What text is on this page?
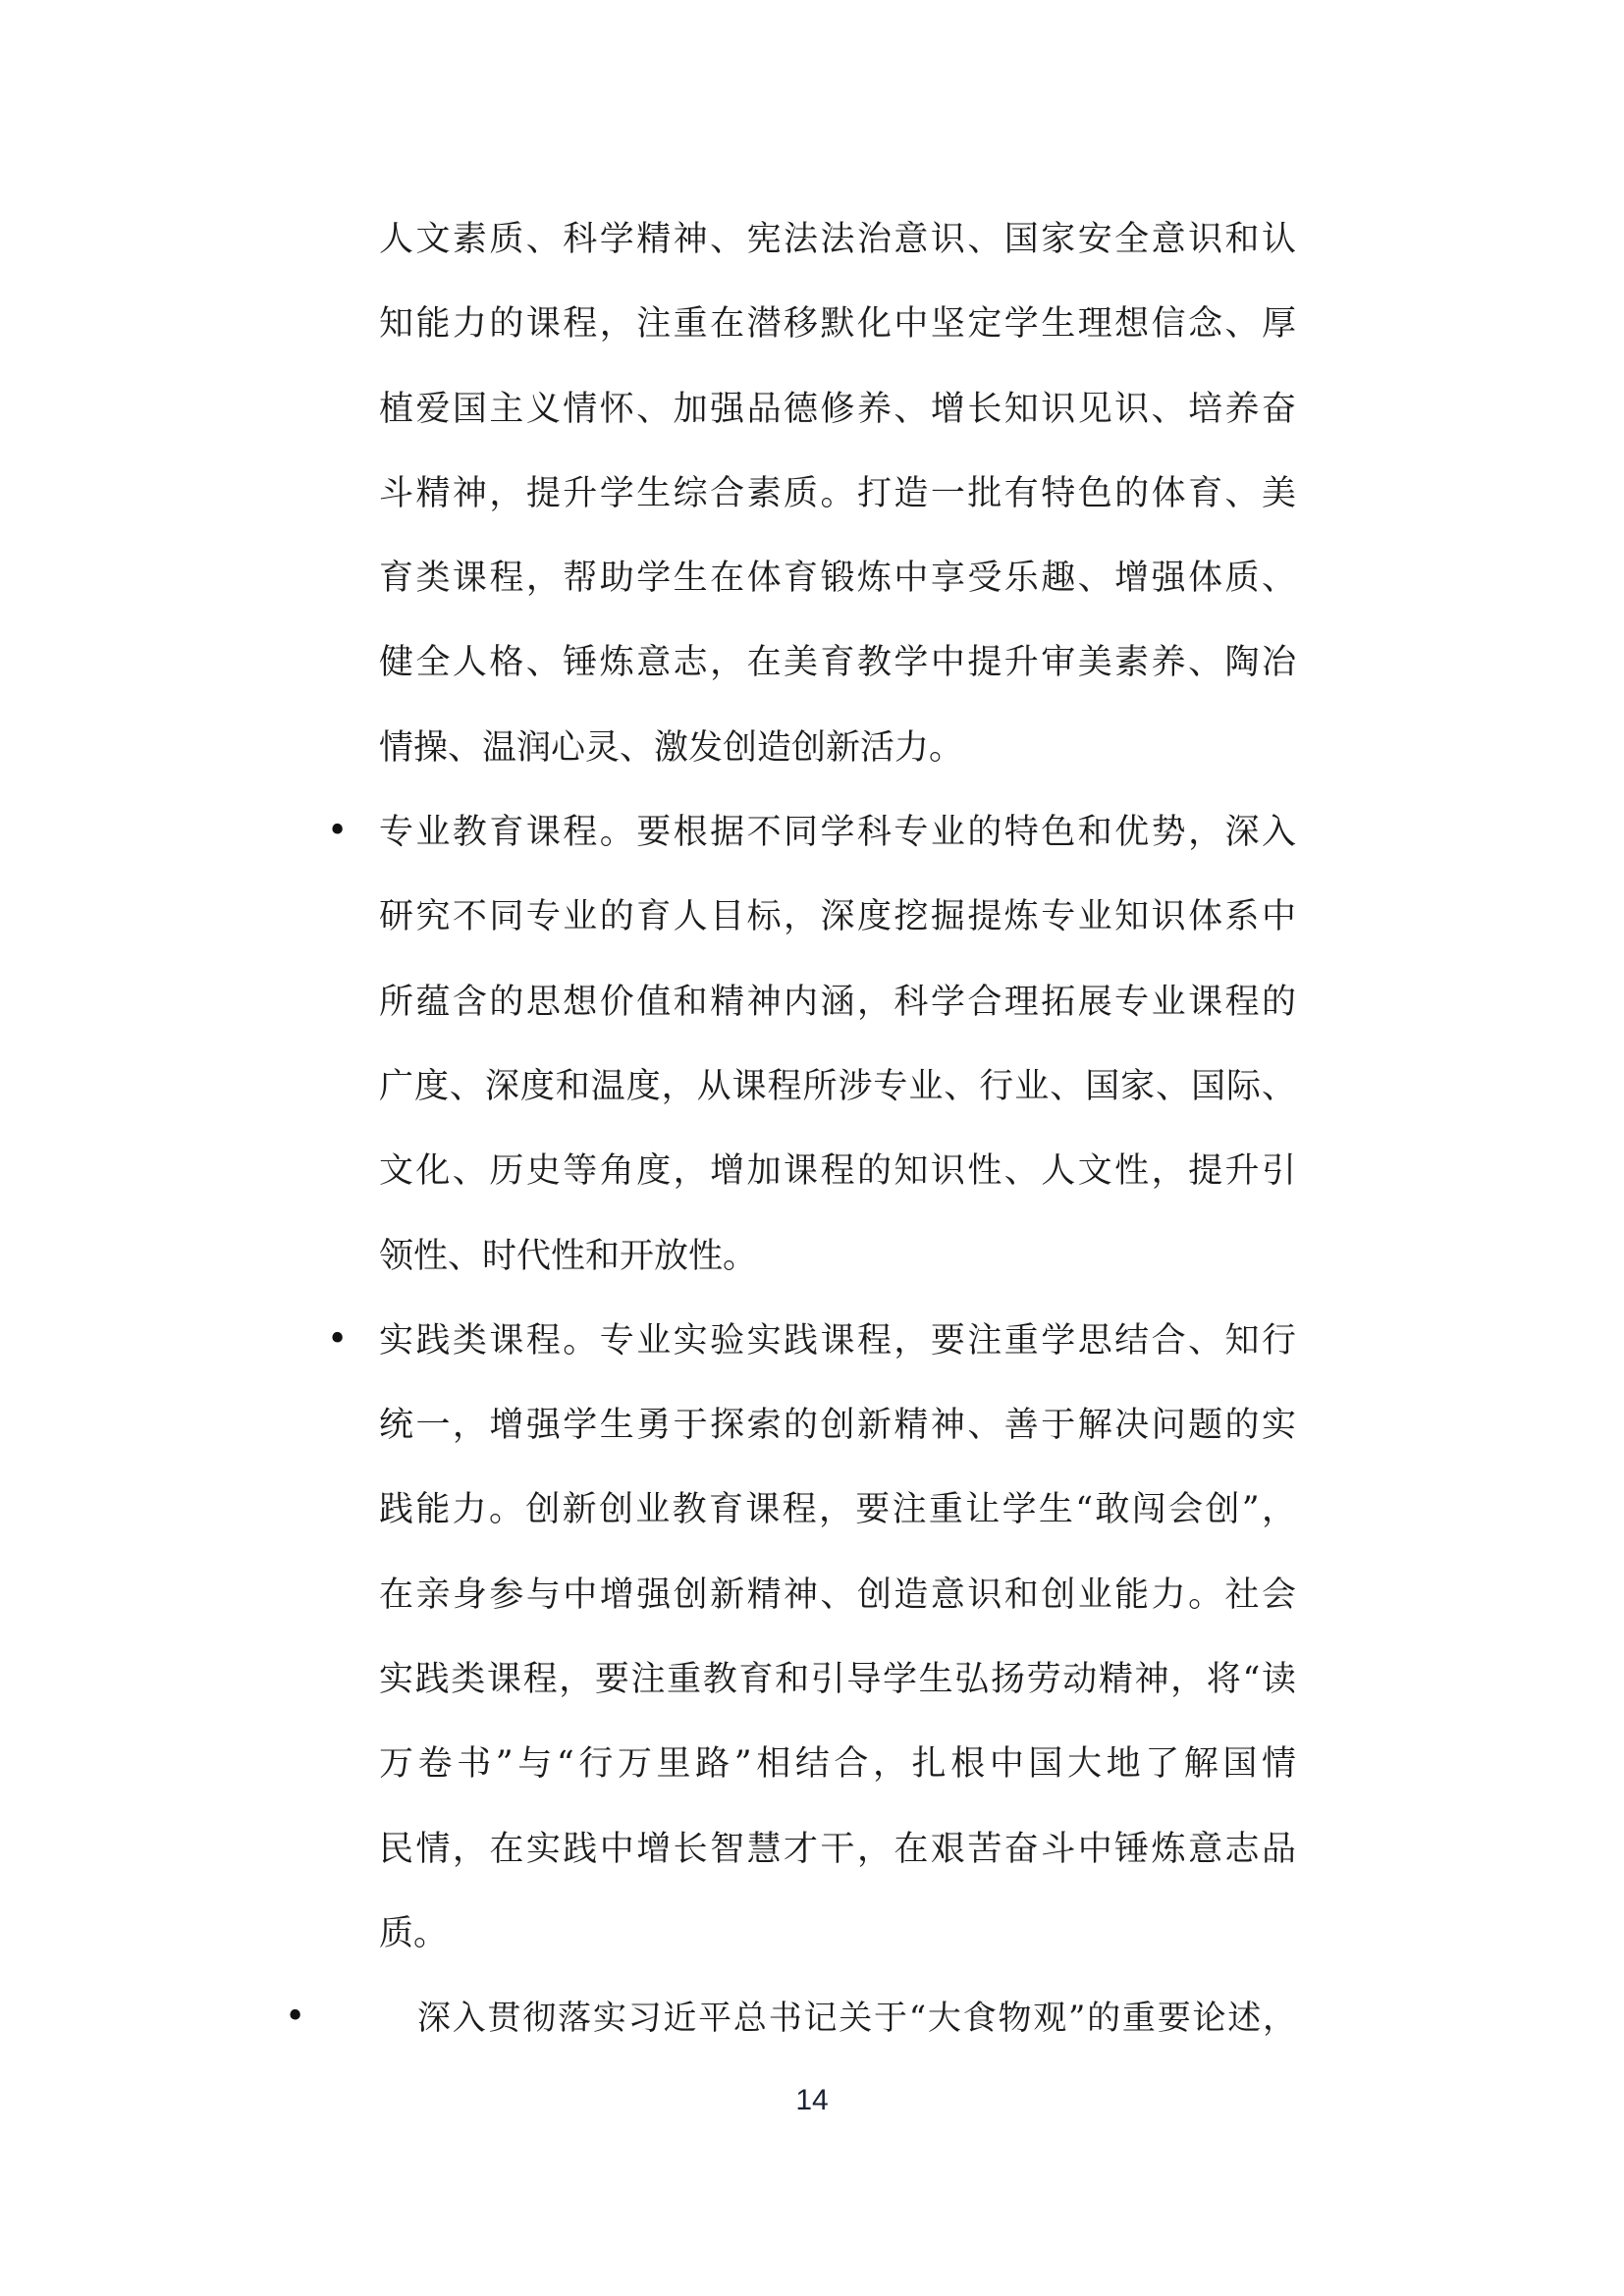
人文素质、科学精神、宪法法治意识、国家安全意识和认
知能力的课程，注重在潜移默化中坚定学生理想信念、厚
植爱国主义情怀、加强品德修养、增长知识见识、培养奋
斗精神，提升学生综合素质。打造一批有特色的体育、美
育类课程，帮助学生在体育锻炼中享受乐趣、增强体质、
健全人格、锤炼意志，在美育教学中提升审美素养、陶冶
情操、温润心灵、激发创造创新活力。
• 专业教育课程。要根据不同学科专业的特色和优势，深入
研究不同专业的育人目标，深度挖掘提炼专业知识体系中
所蕴含的思想价值和精神内涵，科学合理拓展专业课程的
广度、深度和温度，从课程所涉专业、行业、国家、国际、
文化、历史等角度，增加课程的知识性、人文性，提升引
领性、时代性和开放性。
• 实践类课程。专业实验实践课程，要注重学思结合、知行
统一，增强学生勇于探索的创新精神、善于解决问题的实
践能力。创新创业教育课程，要注重让学生“敢闯会创”，
在亲身参与中增强创新精神、创造意识和创业能力。社会
实践类课程，要注重教育和引导学生弘扬劳动精神，将“读
万卷书”与“行万里路”相结合，扎根中国大地了解国情
民情，在实践中增长智慧才干，在艰苦奋斗中锤炼意志品
质。
•	深入贯彻落实习近平总书记关于“大食物观”的重要论述，
14
